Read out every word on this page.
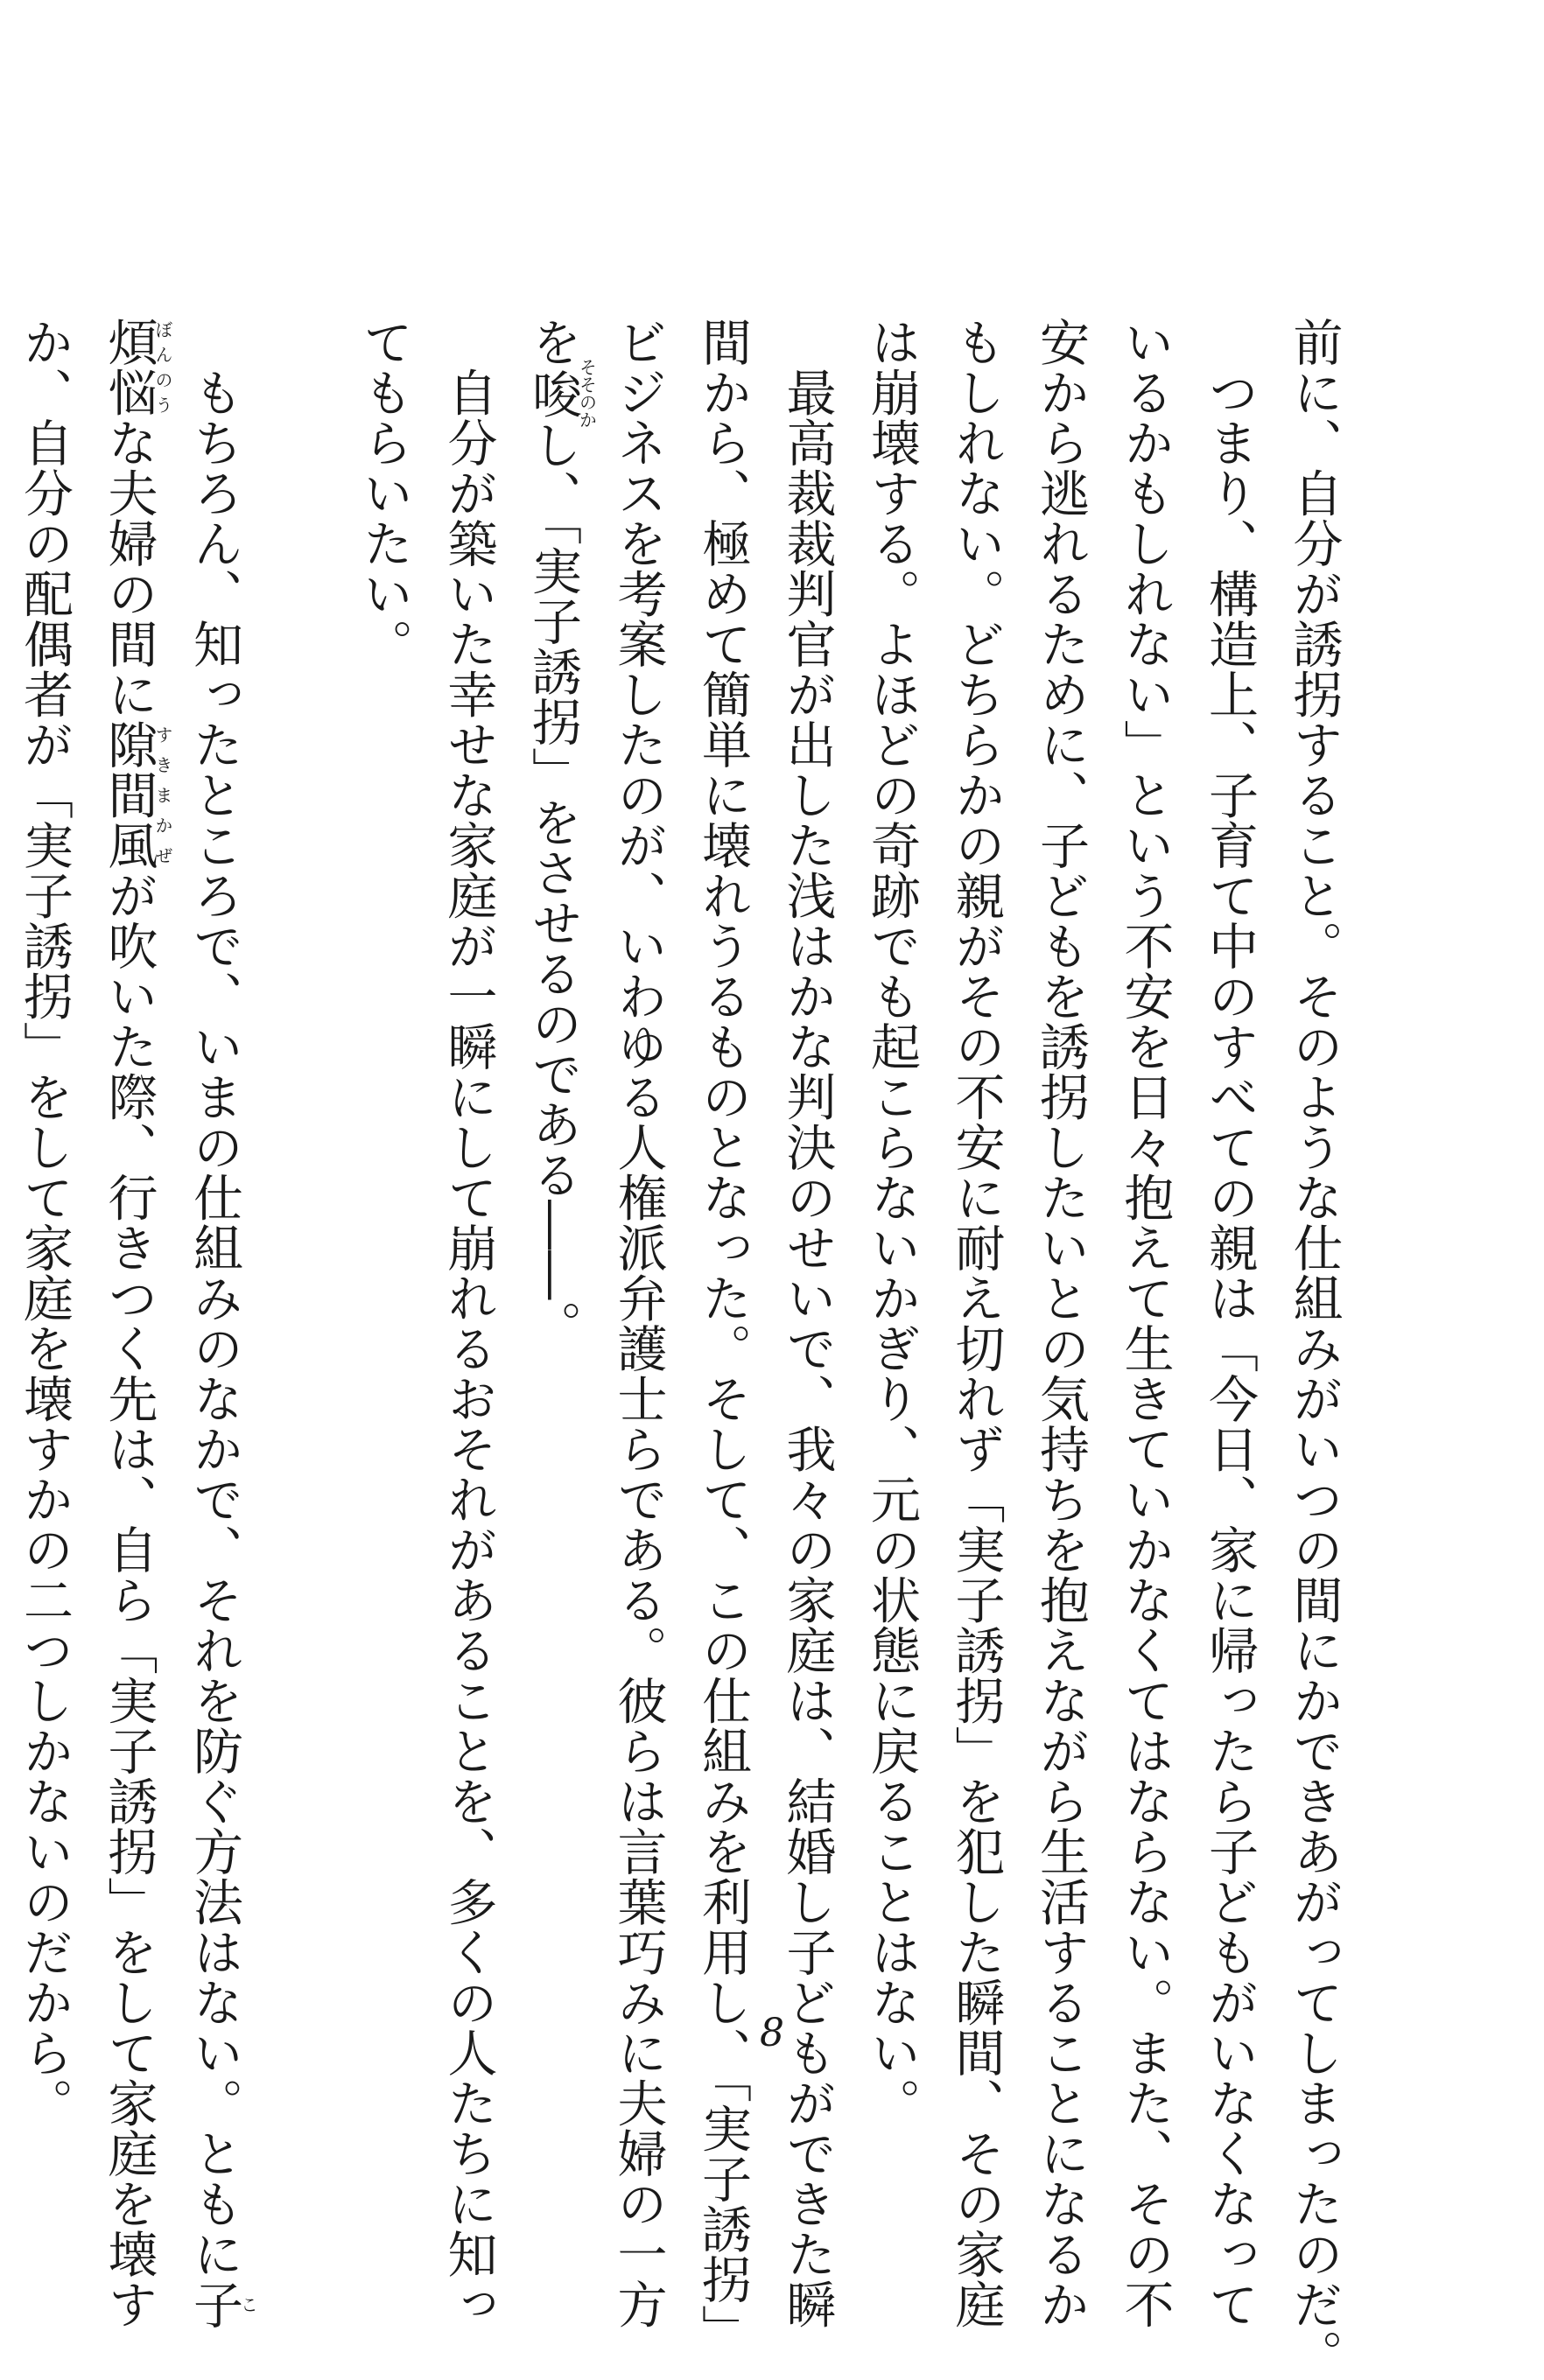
前に、自分が誘拐すること。そのような仕組みがいつの間にかできあがってしまったのだ。

　つまり、構造上、子育て中のすべての親は「今日、家に帰ったら子どもがいなくなって

いるかもしれない」という不安を日々抱えて生きていかなくてはならない。また、その不

安から逃れるために、子どもを誘拐したいとの気持ちを抱えながら生活することになるか

もしれない。どちらかの親がその不安に耐え切れず「実子誘拐」を犯した瞬間、その家庭

は崩壊する。よほどの奇跡でも起こらないかぎり、元の状態に戻ることはない。

　最高裁裁判官が出した浅はかな判決のせいで、我々の家庭は、結婚し子どもができた瞬

間から、極めて簡単に壊れうるものとなった。そして、この仕組みを利用し、「実子誘拐」

ビジネスを考案したのが、いわゆる人権派弁護士らである。彼らは言葉巧みに夫婦の一方

を唆そそのかし、「実子誘拐」をさせるのである――。

　自分が築いた幸せな家庭が一瞬にして崩れるおそれがあることを、多くの人たちに知っ

てもらいたい。

　もちろん、知ったところで、いまの仕組みのなかで、それを防ぐ方法はない。ともに子こ

煩悩ぼんのうな夫婦の間に隙間風すきまかぜが吹いた際、行きつく先は、自ら「実子誘拐」をして家庭を壊す

か、自分の配偶者が「実子誘拐」をして家庭を壊すかの二つしかないのだから。	8
